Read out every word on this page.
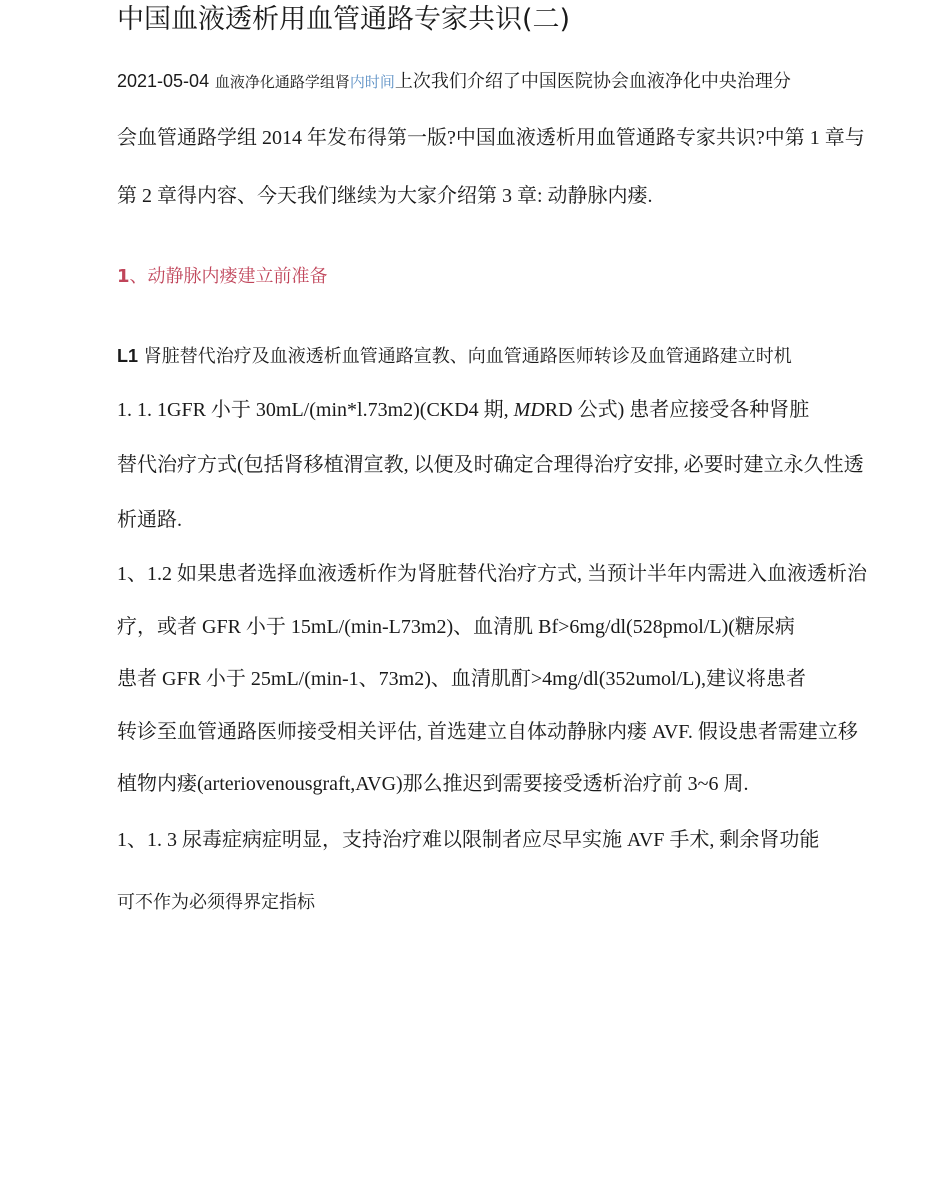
中国血液透析用血管通路专家共识(二)
2021-05-04 血液净化通路学组肾内时间上次我们介绍了中国医院协会血液净化中央治理分
会血管通路学组 2014 年发布得第一版?中国血液透析用血管通路专家共识?中第 1 章与
第 2 章得内容、今天我们继续为大家介绍第 3 章: 动静脉内瘘.
1、动静脉内瘘建立前准备
L1 肾脏替代治疗及血液透析血管通路宣教、向血管通路医师转诊及血管通路建立时机
1. 1. 1GFR 小于 30mL/(min*l.73m2)(CKD4 期, MDRD 公式) 患者应接受各种肾脏
替代治疗方式(包括肾移植渭宣教, 以便及时确定合理得治疗安排, 必要时建立永久性透
析通路.
1、1.2 如果患者选择血液透析作为肾脏替代治疗方式, 当预计半年内需进入血液透析治
疗，或者 GFR 小于 15mL/(min-L73m2)、血清肌 Bf>6mg/dl(528pmol/L)(糖尿病
患者 GFR 小于 25mL/(min-1、73m2)、血清肌酊>4mg/dl(352umol/L),建议将患者
转诊至血管通路医师接受相关评估, 首选建立自体动静脉内瘘 AVF. 假设患者需建立移
植物内瘘(arteriovenousgraft,AVG)那么推迟到需要接受透析治疗前 3~6 周.
1、1. 3 尿毒症病症明显，支持治疗难以限制者应尽早实施 AVF 手术, 剩余肾功能
可不作为必须得界定指标
